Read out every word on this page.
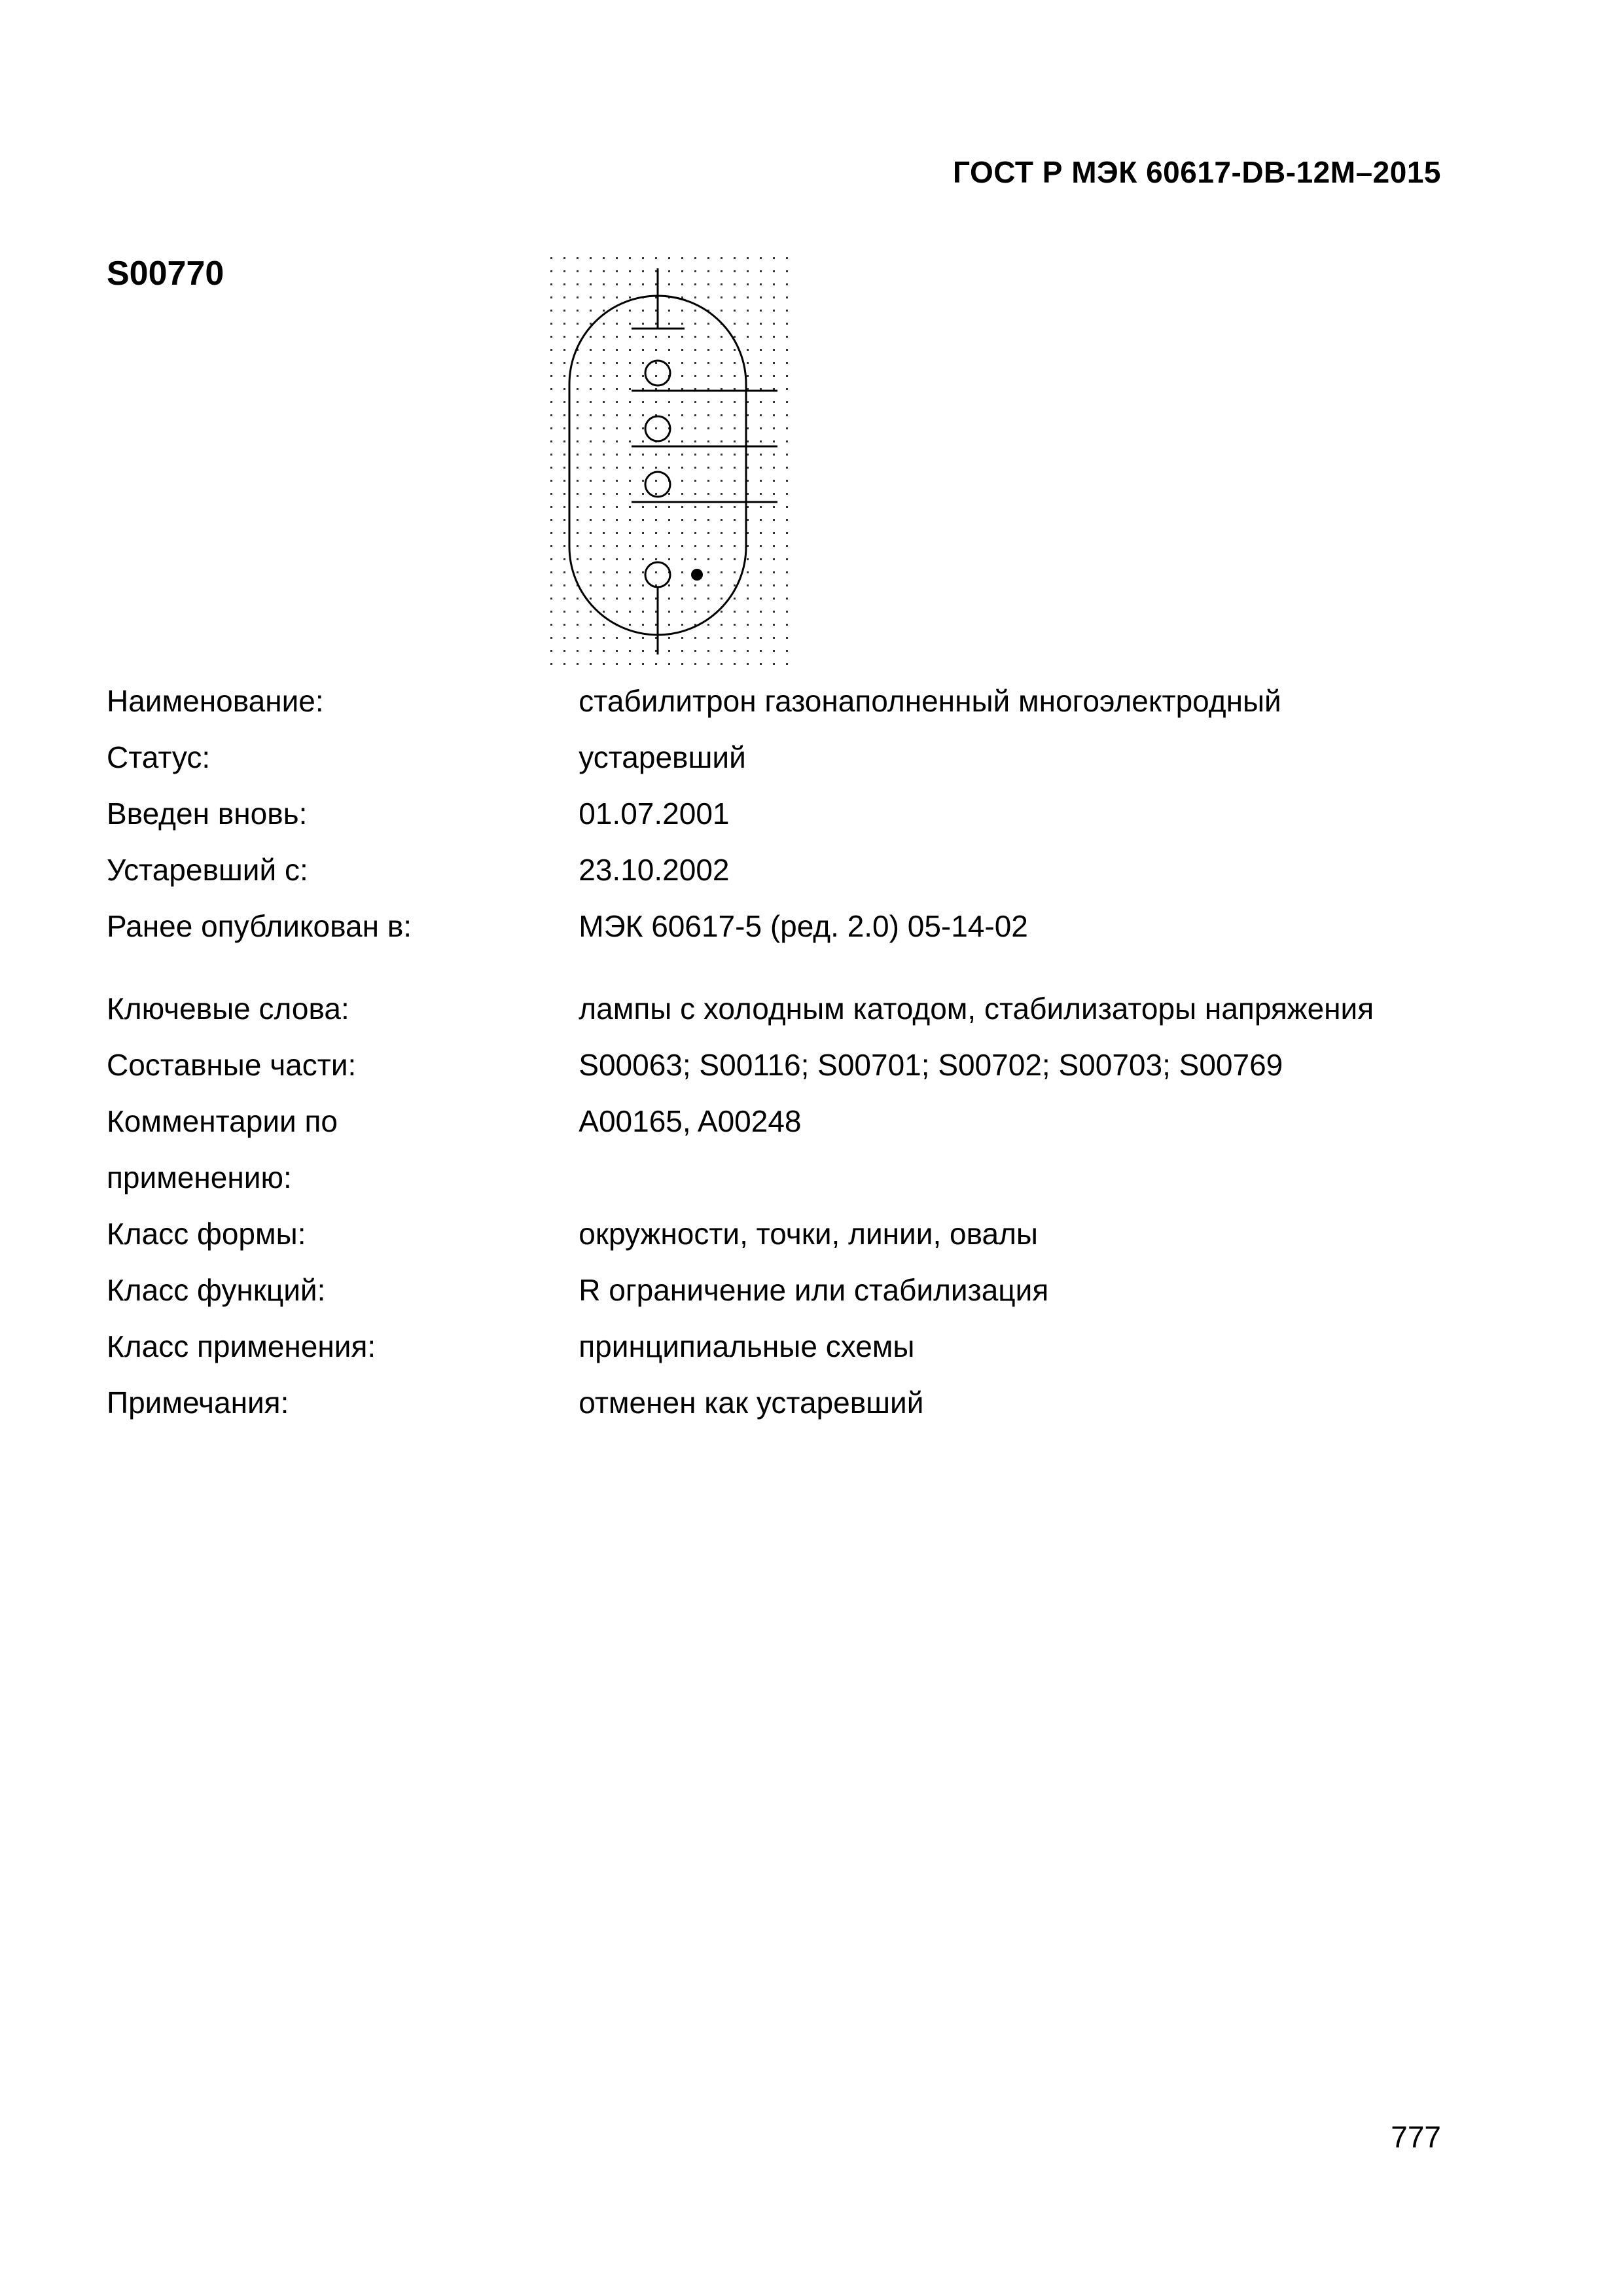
ГОСТ Р МЭК 60617-DB-12M–2015
S00770
Наименование:	стабилитрон газонаполненный многоэлектродный
Статус:	устаревший
Введен вновь:	01.07.2001
Устаревший с:	23.10.2002
Ранее опубликован в:	МЭК 60617-5 (ред. 2.0) 05-14-02
Ключевые слова:	лампы с холодным катодом, стабилизаторы напряжения
Составные части:	S00063; S00116; S00701; S00702; S00703; S00769
Комментарии по применению:	A00165, A00248
Класс формы:	окружности, точки, линии, овалы
Класс функций:	R ограничение или стабилизация
Класс применения:	принципиальные схемы
Примечания:	отменен как устаревший
777
